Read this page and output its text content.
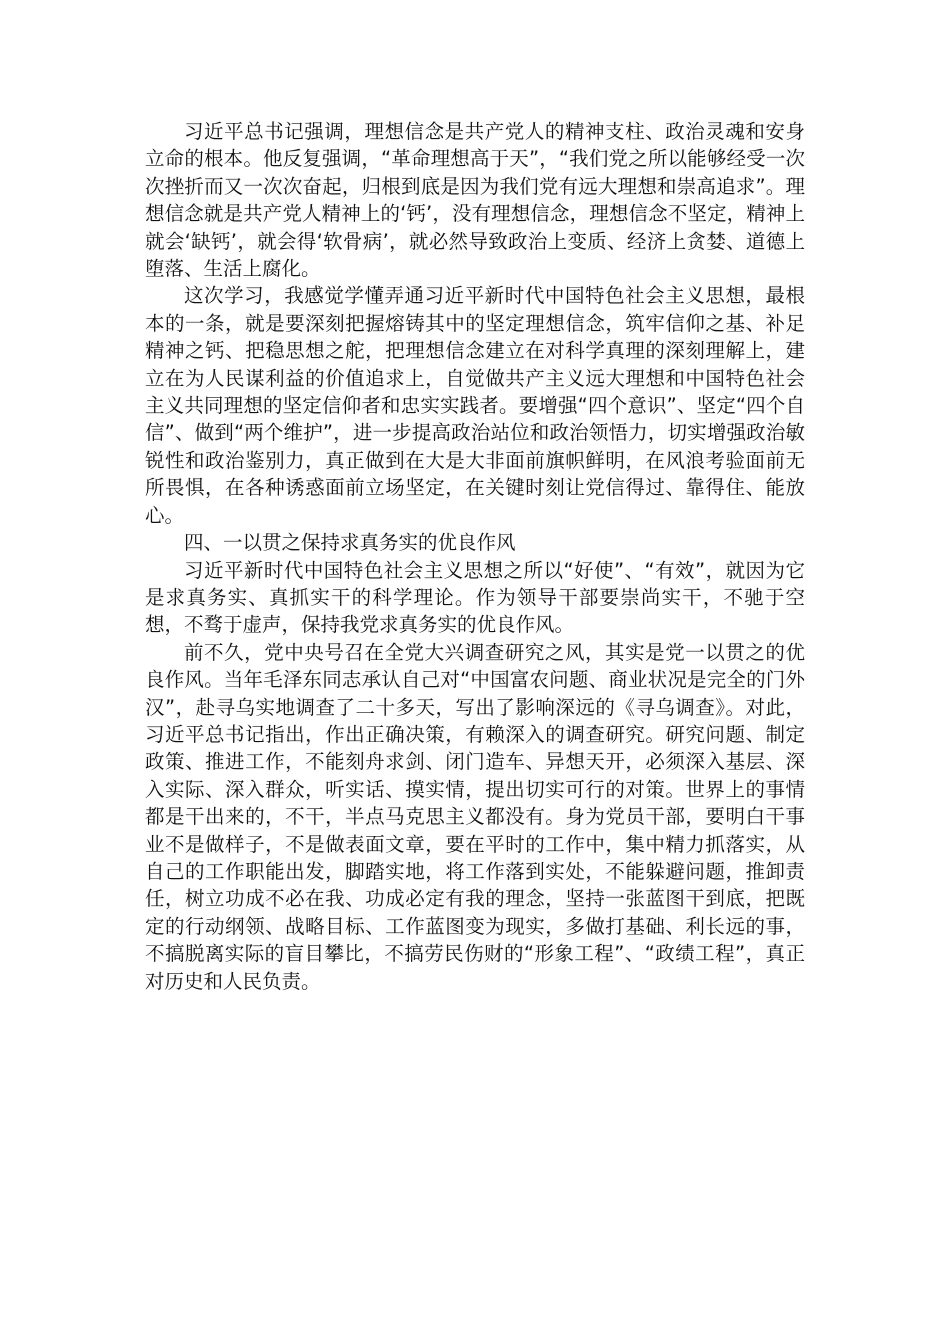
习近平总书记强调，理想信念是共产党人的精神支柱、政治灵魂和安身立命的根本。他反复强调，“革命理想高于天”，“我们党之所以能够经受一次次挫折而又一次次奋起，归根到底是因为我们党有远大理想和崇高追求”。理想信念就是共产党人精神上的‘钙’，没有理想信念，理想信念不坚定，精神上就会‘缺钙’，就会得‘软骨病’，就必然导致政治上变质、经济上贪婪、道德上堕落、生活上腐化。

这次学习，我感觉学懂弄通习近平新时代中国特色社会主义思想，最根本的一条，就是要深刻把握熔铸其中的坚定理想信念，筑牢信仰之基、补足精神之钙、把稳思想之舵，把理想信念建立在对科学真理的深刻理解上，建立在为人民谋利益的价值追求上，自觉做共产主义远大理想和中国特色社会主义共同理想的坚定信仰者和忠实实践者。要增强“四个意识”、坚定“四个自信”、做到“两个维护”，进一步提高政治站位和政治领悟力，切实增强政治敏锐性和政治鉴别力，真正做到在大是大非面前旗帜鲜明，在风浪考验面前无所畏惧，在各种诱惑面前立场坚定，在关键时刻让党信得过、靠得住、能放心。

四、一以贯之保持求真务实的优良作风

习近平新时代中国特色社会主义思想之所以“好使”、“有效”，就因为它是求真务实、真抓实干的科学理论。作为领导干部要崇尚实干，不驰于空想，不骛于虚声，保持我党求真务实的优良作风。

前不久，党中央号召在全党大兴调查研究之风，其实是党一以贯之的优良作风。当年毛泽东同志承认自己对“中国富农问题、商业状况是完全的门外汉”，赴寻乌实地调查了二十多天，写出了影响深远的《寻乌调查》。对此，习近平总书记指出，作出正确决策，有赖深入的调查研究。研究问题、制定政策、推进工作，不能刻舟求剑、闭门造车、异想天开，必须深入基层、深入实际、深入群众，听实话、摸实情，提出切实可行的对策。世界上的事情都是干出来的，不干，半点马克思主义都没有。身为党员干部，要明白干事业不是做样子，不是做表面文章，要在平时的工作中，集中精力抓落实，从自己的工作职能出发，脚踏实地，将工作落到实处，不能躲避问题，推卸责任，树立功成不必在我、功成必定有我的理念，坚持一张蓝图干到底，把既定的行动纲领、战略目标、工作蓝图变为现实，多做打基础、利长远的事，不搞脱离实际的盲目攀比，不搞劳民伤财的“形象工程”、“政绩工程”，真正对历史和人民负责。
